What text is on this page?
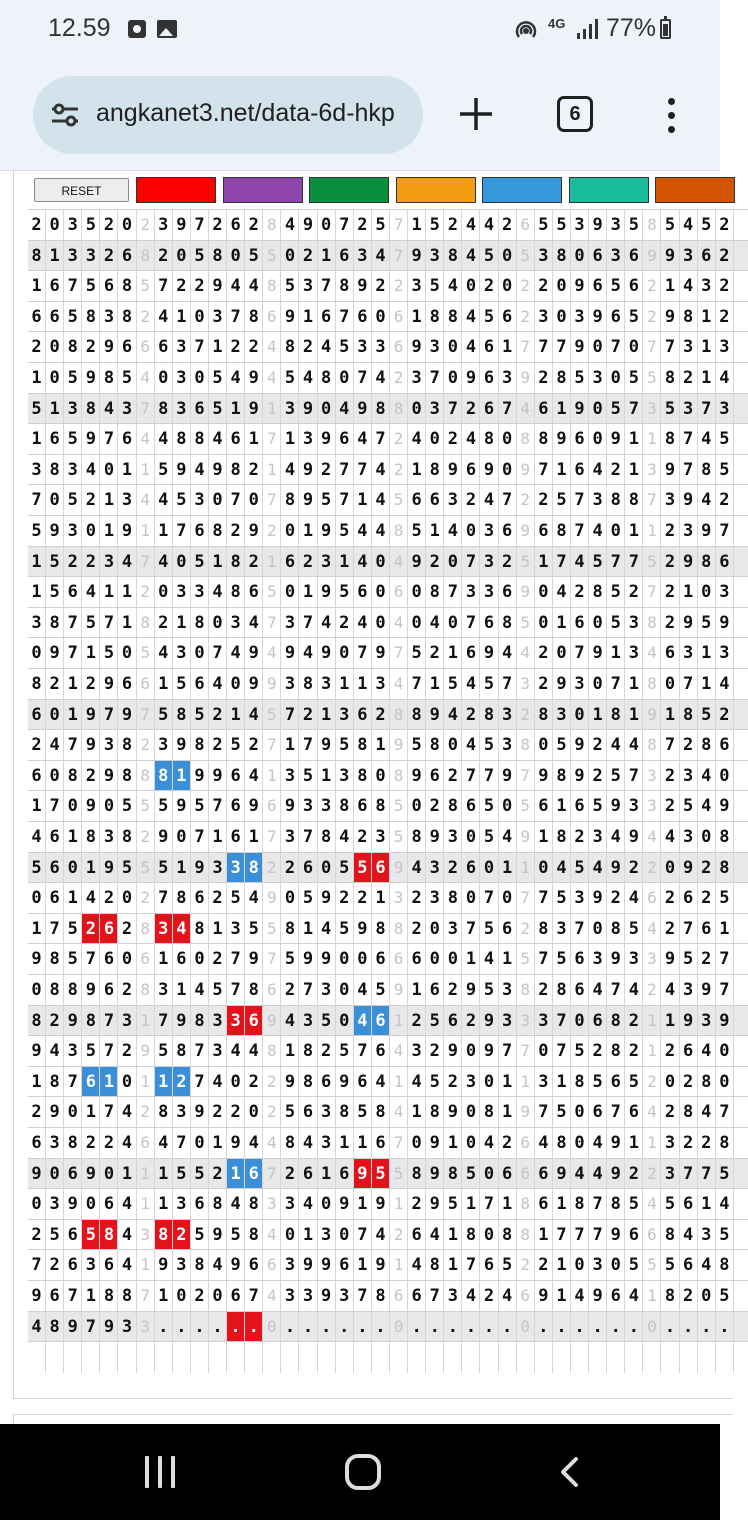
12.59	4G 77%
angkanet3.net/data-6d-hkp	6
RESET
2 0 3 5 2 0 2 3 9 7 2 6 2 8 4 9 0 7 2 5 7 1 5 2 4 4 2 6 5 5 3 9 3 5 8 5 4 5 2
8 1 3 3 2 6 8 2 0 5 8 0 5 5 0 2 1 6 3 4 7 9 3 8 4 5 0 5 3 8 0 6 3 6 9 9 3 6 2
1 6 7 5 6 8 5 7 2 2 9 4 4 8 5 3 7 8 9 2 2 3 5 4 0 2 0 2 2 0 9 6 5 6 2 1 4 3 2
6 6 5 8 3 8 2 4 1 0 3 7 8 6 9 1 6 7 6 0 6 1 8 8 4 5 6 2 3 0 3 9 6 5 2 9 8 1 2
2 0 8 2 9 6 6 6 3 7 1 2 2 4 8 2 4 5 3 3 6 9 3 0 4 6 1 7 7 7 9 0 7 0 7 7 3 1 3
1 0 5 9 8 5 4 0 3 0 5 4 9 4 5 4 8 0 7 4 2 3 7 0 9 6 3 9 2 8 5 3 0 5 5 8 2 1 4
5 1 3 8 4 3 7 8 3 6 5 1 9 1 3 9 0 4 9 8 8 0 3 7 2 6 7 4 6 1 9 0 5 7 3 5 3 7 3
1 6 5 9 7 6 4 4 8 8 4 6 1 7 1 3 9 6 4 7 2 4 0 2 4 8 0 8 8 9 6 0 9 1 1 8 7 4 5
3 8 3 4 0 1 1 5 9 4 9 8 2 1 4 9 2 7 7 4 2 1 8 9 6 9 0 9 7 1 6 4 2 1 3 9 7 8 5
7 0 5 2 1 3 4 4 5 3 0 7 0 7 8 9 5 7 1 4 5 6 6 3 2 4 7 2 2 5 7 3 8 8 7 3 9 4 2
5 9 3 0 1 9 1 1 7 6 8 2 9 2 0 1 9 5 4 4 8 5 1 4 0 3 6 9 6 8 7 4 0 1 1 2 3 9 7
1 5 2 2 3 4 7 4 0 5 1 8 2 1 6 2 3 1 4 0 4 9 2 0 7 3 2 5 1 7 4 5 7 7 5 2 9 8 6
1 5 6 4 1 1 2 0 3 3 4 8 6 5 0 1 9 5 6 0 6 0 8 7 3 3 6 9 0 4 2 8 5 2 7 2 1 0 3
3 8 7 5 7 1 8 2 1 8 0 3 4 7 3 7 4 2 4 0 4 0 4 0 7 6 8 5 0 1 6 0 5 3 8 2 9 5 9
0 9 7 1 5 0 5 4 3 0 7 4 9 4 9 4 9 0 7 9 7 5 2 1 6 9 4 4 2 0 7 9 1 3 4 6 3 1 3
8 2 1 2 9 6 6 1 5 6 4 0 9 9 3 8 3 1 1 3 4 7 1 5 4 5 7 3 2 9 3 0 7 1 8 0 7 1 4
6 0 1 9 7 9 7 5 8 5 2 1 4 5 7 2 1 3 6 2 8 8 9 4 2 8 3 2 8 3 0 1 8 1 9 1 8 5 2
2 4 7 9 3 8 2 3 9 8 2 5 2 7 1 7 9 5 8 1 9 5 8 0 4 5 3 8 0 5 9 2 4 4 8 7 2 8 6
6 0 8 2 9 8 8 8 1 9 9 6 4 1 3 5 1 3 8 0 8 9 6 2 7 7 9 7 9 8 9 2 5 7 3 2 3 4 0
1 7 0 9 0 5 5 5 9 5 7 6 9 6 9 3 3 8 6 8 5 0 2 8 6 5 0 5 6 1 6 5 9 3 3 2 5 4 9
4 6 1 8 3 8 2 9 0 7 1 6 1 7 3 7 8 4 2 3 5 8 9 3 0 5 4 9 1 8 2 3 4 9 4 4 3 0 8
5 6 0 1 9 5 5 5 1 9 3 3 8 2 2 6 0 5 5 6 9 4 3 2 6 0 1 1 0 4 5 4 9 2 2 0 9 2 8
0 6 1 4 2 0 2 7 8 6 2 5 4 9 0 5 9 2 2 1 3 2 3 8 0 7 0 7 7 5 3 9 2 4 6 2 6 2 5
1 7 5 2 6 2 8 3 4 8 1 3 5 5 8 1 4 5 9 8 8 2 0 3 7 5 6 2 8 3 7 0 8 5 4 2 7 6 1
9 8 5 7 6 0 6 1 6 0 2 7 9 7 5 9 9 0 0 6 6 6 0 0 1 4 1 5 7 5 6 3 9 3 3 9 5 2 7
0 8 8 9 6 2 8 3 1 4 5 7 8 6 2 7 3 0 4 5 9 1 6 2 9 5 3 8 2 8 6 4 7 4 2 4 3 9 7
8 2 9 8 7 3 1 7 9 8 3 3 6 9 4 3 5 0 4 6 1 2 5 6 2 9 3 3 3 7 0 6 8 2 1 1 9 3 9
9 4 3 5 7 2 9 5 8 7 3 4 4 8 1 8 2 5 7 6 4 3 2 9 0 9 7 7 0 7 5 2 8 2 1 2 6 4 0
1 8 7 6 1 0 1 1 2 7 4 0 2 2 9 8 6 9 6 4 1 4 5 2 3 0 1 1 3 1 8 5 6 5 2 0 2 8 0
2 9 0 1 7 4 2 8 3 9 2 2 0 2 5 6 3 8 5 8 4 1 8 9 0 8 1 9 7 5 0 6 7 6 4 2 8 4 7
6 3 8 2 2 4 6 4 7 0 1 9 4 4 8 4 3 1 1 6 7 0 9 1 0 4 2 6 4 8 0 4 9 1 1 3 2 2 8
9 0 6 9 0 1 1 1 5 5 2 1 6 7 2 6 1 6 9 5 5 8 9 8 5 0 6 6 6 9 4 4 9 2 2 3 7 7 5
0 3 9 0 6 4 1 1 3 6 8 4 8 3 3 4 0 9 1 9 1 2 9 5 1 7 1 8 6 1 8 7 8 5 4 5 6 1 4
2 5 6 5 8 4 3 8 2 5 9 5 8 4 0 1 3 0 7 4 2 6 4 1 8 0 8 8 1 7 7 7 9 6 6 8 4 3 5
7 2 6 3 6 4 1 9 3 8 4 9 6 6 3 9 9 6 1 9 1 4 8 1 7 6 5 2 2 1 0 3 0 5 5 5 6 4 8
9 6 7 1 8 8 7 1 0 2 0 6 7 4 3 3 9 3 7 8 6 6 7 3 4 2 4 6 9 1 4 9 6 4 1 8 2 0 5
4 8 9 7 9 3 3 . . . . . . 0 . . . . . . 0 . . . . . . 0 . . . . . . 0 . . . .
